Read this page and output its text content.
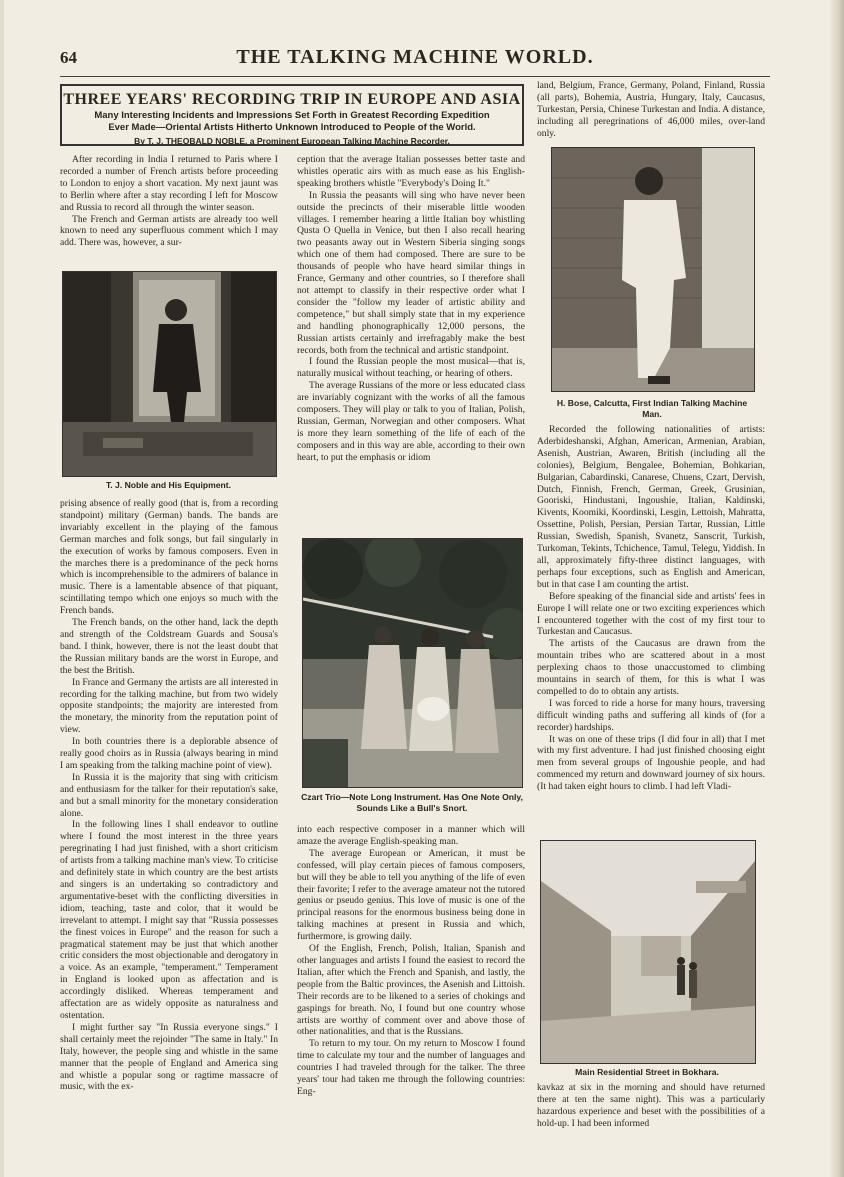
64	THE TALKING MACHINE WORLD.
THREE YEARS' RECORDING TRIP IN EUROPE AND ASIA
Many Interesting Incidents and Impressions Set Forth in Greatest Recording Expedition
Ever Made—Oriental Artists Hitherto Unknown Introduced to People of the World.
By T. J. THEOBALD NOBLE, a Prominent European Talking Machine Recorder.

After recording in India I returned to Paris where I recorded a number of French artists before proceeding to London to enjoy a short vacation. My next jaunt was to Berlin where after a stay recording I left for Moscow and Russia to record all through the winter season.

The French and German artists are already too well known to need any superfluous comment which I may add. There was, however, a sur-

T. J. Noble and His Equipment.

prising absence of really good (that is, from a recording standpoint) military (German) bands. The bands are invariably excellent in the playing of the famous German marches and folk songs, but fail singularly in the execution of works by famous composers. Even in the marches there is a predominance of the peck horns which is incomprehensible to the admirers of balance in music. There is a lamentable absence of that piquant, scintillating tempo which one enjoys so much with the French bands.

The French bands, on the other hand, lack the depth and strength of the Coldstream Guards and Sousa's band. I think, however, there is not the least doubt that the Russian military bands are the worst in Europe, and the best the British.

In France and Germany the artists are all interested in recording for the talking machine, but from two widely opposite standpoints; the majority are interested from the monetary, the minority from the reputation point of view.

In both countries there is a deplorable absence of really good choirs as in Russia (always bearing in mind I am speaking from the talking machine point of view).

In Russia it is the majority that sing with criticism and enthusiasm for the talker for their reputation's sake, and but a small minority for the monetary consideration alone.

In the following lines I shall endeavor to outline where I found the most interest in the three years peregrinating I had just finished, with a short criticism of artists from a talking machine man's view. To criticise and definitely state in which country are the best artists and singers is an undertaking so contradictory and argumentative-beset with the conflicting diversities in idiom, teaching, taste and color, that it would be irrevelant to attempt. I might say that "Russia possesses the finest voices in Europe" and the reason for such a pragmatical statement may be just that which another critic considers the most objectionable and derogatory in a voice. As an example, "temperament." Temperament in England is looked upon as affectation and is accordingly disliked. Whereas temperament and affectation are as widely opposite as naturalness and ostentation.

I might further say "In Russia everyone sings." I shall certainly meet the rejoinder "The same in Italy." In Italy, however, the people sing and whistle in the same manner that the people of England and America sing and whistle a popular song or ragtime massacre of music, with the ex-

ception that the average Italian possesses better taste and whistles operatic airs with as much ease as his English-speaking brothers whistle "Everybody's Doing It."

In Russia the peasants will sing who have never been outside the precincts of their miserable little wooden villages. I remember hearing a little Italian boy whistling Qusta O Quella in Venice, but then I also recall hearing two peasants away out in Western Siberia singing songs which one of them had composed. There are sure to be thousands of people who have heard similar things in France, Germany and other countries, so I therefore shall not attempt to classify in their respective order what I consider the "follow my leader of artistic ability and competence," but shall simply state that in my experience and handling phonographically 12,000 persons, the Russian artists certainly and irrefragably make the best records, both from the technical and artistic standpoint.

I found the Russian people the most musical—that is, naturally musical without teaching, or hearing of others.

The average Russians of the more or less educated class are invariably cognizant with the works of all the famous composers. They will play or talk to you of Italian, Polish, Russian, German, Norwegian and other composers. What is more they learn something of the life of each of the composers and in this way are able, according to their own heart, to put the emphasis or idiom

Czart Trio—Note Long Instrument. Has One Note Only, Sounds Like a Bull's Snort.

into each respective composer in a manner which will amaze the average English-speaking man.

The average European or American, it must be confessed, will play certain pieces of famous composers, but will they be able to tell you anything of the life of even their favorite; I refer to the average amateur not the tutored genius or pseudo genius. This love of music is one of the principal reasons for the enormous business being done in talking machines at present in Russia and which, furthermore, is growing daily.

Of the English, French, Polish, Italian, Spanish and other languages and artists I found the easiest to record the Italian, after which the French and Spanish, and lastly, the people from the Baltic provinces, the Asenish and Littoish. Their records are to be likened to a series of chokings and gaspings for breath. No, I found but one country whose artists are worthy of comment over and above those of other nationalities, and that is the Russians.

To return to my tour. On my return to Moscow I found time to calculate my tour and the number of languages and countries I had traveled through for the talker. The three years' tour had taken me through the following countries: Eng-

land, Belgium, France, Germany, Poland, Finland, Russia (all parts), Bohemia, Austria, Hungary, Italy, Caucasus, Turkestan, Persia, Chinese Turkestan and India. A distance, including all peregrinations of 46,000 miles, over-land only.

H. Bose, Calcutta, First Indian Talking Machine Man.

Recorded the following nationalities of artists: Aderbideshanski, Afghan, American, Armenian, Arabian, Asenish, Austrian, Awaren, British (including all the colonies), Belgium, Bengalee, Bohemian, Bohkarian, Bulgarian, Cabardinski, Canarese, Chuens, Czart, Dervish, Dutch, Finnish, French, German, Greek, Grusinian, Gooriski, Hindustani, Ingoushie, Italian, Kaldinski, Kivents, Koomiki, Koordinski, Lesgin, Lettoish, Mahratta, Ossettine, Polish, Persian, Persian Tartar, Russian, Little Russian, Swedish, Spanish, Svanetz, Sanscrit, Turkish, Turkoman, Tekints, Tchichence, Tamul, Telegu, Yiddish. In all, approximately fifty-three distinct languages, with perhaps four exceptions, such as English and American, but in that case I am counting the artist.

Before speaking of the financial side and artists' fees in Europe I will relate one or two exciting experiences which I encountered together with the cost of my first tour to Turkestan and Caucasus.

The artists of the Caucasus are drawn from the mountain tribes who are scattered about in a most perplexing chaos to those unaccustomed to climbing mountains in search of them, for this is what I was compelled to do to obtain any artists.

I was forced to ride a horse for many hours, traversing difficult winding paths and suffering all kinds of (for a recorder) hardships.

It was on one of these trips (I did four in all) that I met with my first adventure. I had just finished choosing eight men from several groups of Ingoushie people, and had commenced my return and downward journey of six hours. (It had taken eight hours to climb. I had left Vladi-

Main Residential Street in Bokhara.

kavkaz at six in the morning and should have returned there at ten the same night). This was a particularly hazardous experience and beset with the possibilities of a hold-up. I had been informed
